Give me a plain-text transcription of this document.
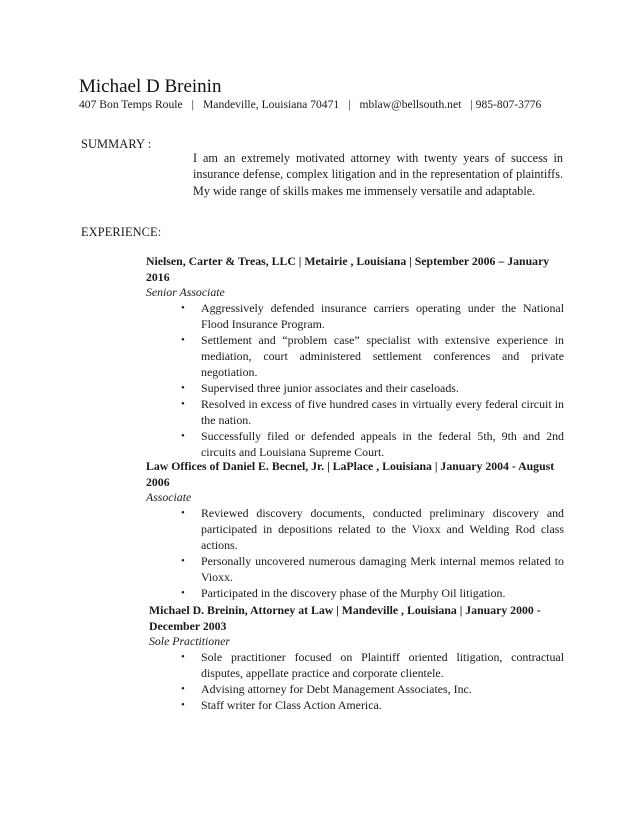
Michael D Breinin
407 Bon Temps Roule | Mandeville, Louisiana 70471 | mblaw@bellsouth.net | 985-807-3776
SUMMARY :
I am an extremely motivated attorney with twenty years of success in insurance defense, complex litigation and in the representation of plaintiffs. My wide range of skills makes me immensely versatile and adaptable.
EXPERIENCE:
Nielsen, Carter & Treas, LLC | Metairie , Louisiana | September 2006 – January 2016
Senior Associate
• Aggressively defended insurance carriers operating under the National Flood Insurance Program.
• Settlement and “problem case” specialist with extensive experience in mediation, court administered settlement conferences and private negotiation.
• Supervised three junior associates and their caseloads.
• Resolved in excess of five hundred cases in virtually every federal circuit in the nation.
• Successfully filed or defended appeals in the federal 5th, 9th and 2nd circuits and Louisiana Supreme Court.
Law Offices of Daniel E. Becnel, Jr. | LaPlace , Louisiana | January 2004 - August 2006
Associate
• Reviewed discovery documents, conducted preliminary discovery and participated in depositions related to the Vioxx and Welding Rod class actions.
• Personally uncovered numerous damaging Merk internal memos related to Vioxx.
• Participated in the discovery phase of the Murphy Oil litigation.
Michael D. Breinin, Attorney at Law | Mandeville , Louisiana | January 2000 - December 2003
Sole Practitioner
• Sole practitioner focused on Plaintiff oriented litigation, contractual disputes, appellate practice and corporate clientele.
• Advising attorney for Debt Management Associates, Inc.
• Staff writer for Class Action America.
